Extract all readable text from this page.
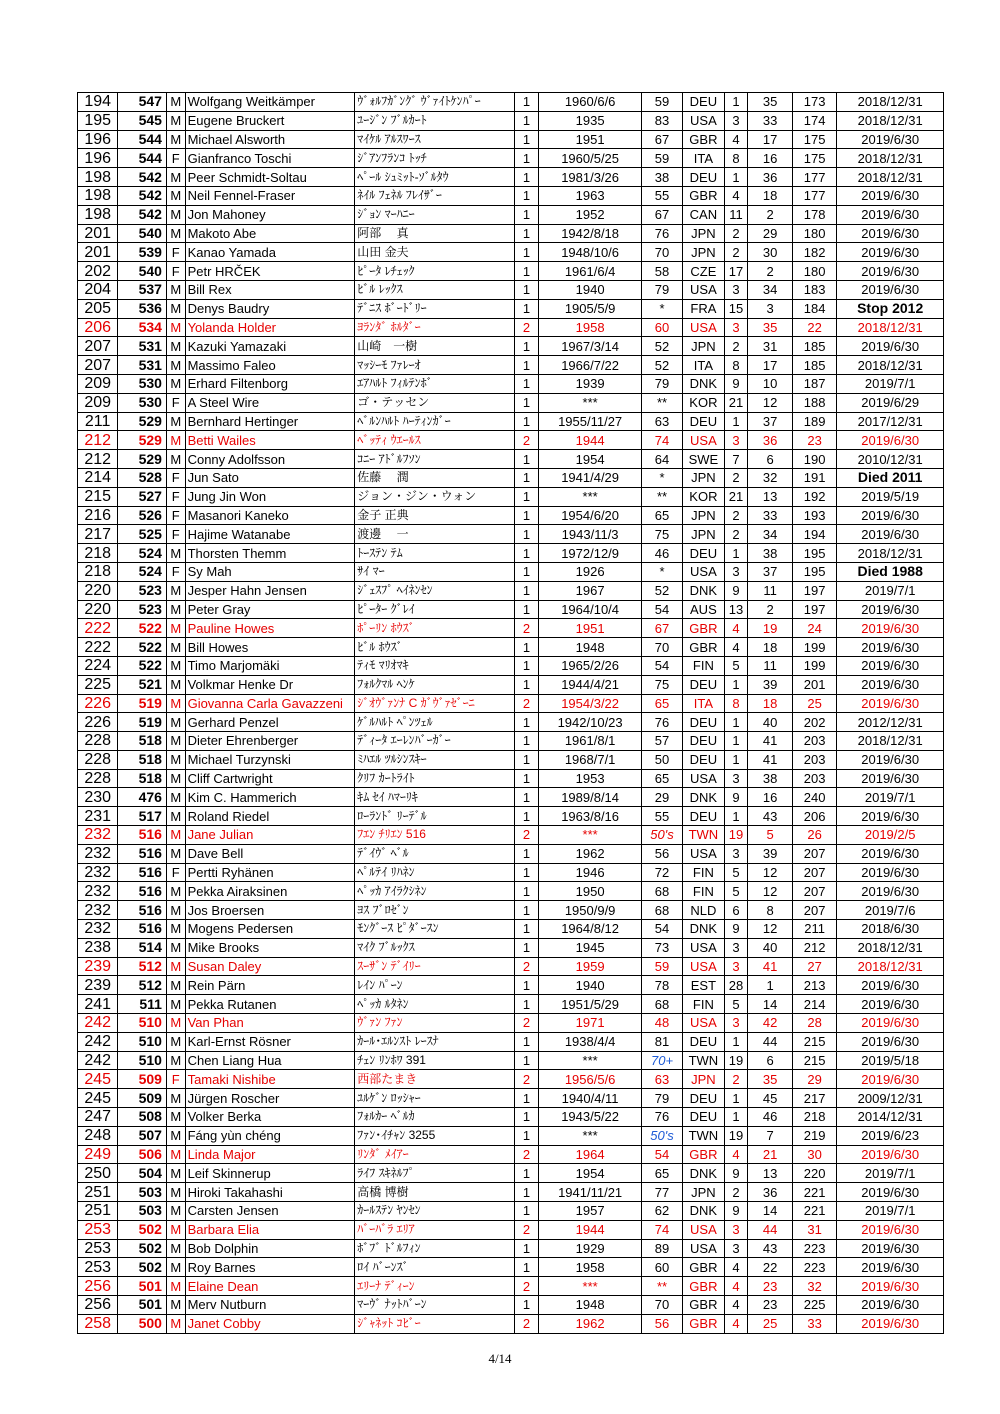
194	547	M	Wolfgang Weitkämper	ｳﾞｫﾙﾌｶﾞﾝｸﾞ ｳﾞｧｲﾄｹﾝﾊﾟｰ	1	1960/6/6	59	DEU	1	35	173	2018/12/31
195	545	M	Eugene Bruckert	ﾕｰｼﾞﾝ ﾌﾞﾙｶｰﾄ	1	1935	83	USA	3	33	174	2018/12/31
196	544	M	Michael Alsworth	ﾏｲｹﾙ ｱﾙｽﾜｰｽ	1	1951	67	GBR	4	17	175	2019/6/30
196	544	F	Gianfranco Toschi	ｼﾞｱﾝﾌﾗﾝｺ ﾄｯﾁ	1	1960/5/25	59	ITA	8	16	175	2018/12/31
198	542	M	Peer Schmidt-Soltau	ﾍﾟｰﾙ ｼｭﾐｯﾄ-ｿﾞﾙﾀｳ	1	1981/3/26	38	DEU	1	36	177	2018/12/31
198	542	M	Neil Fennel-Fraser	ﾈｲﾙ ﾌｪﾈﾙ ﾌﾚｲｻﾞｰ	1	1963	55	GBR	4	18	177	2019/6/30
198	542	M	Jon Mahoney	ｼﾞｮﾝ ﾏｰﾊﾆｰ	1	1952	67	CAN	11	2	178	2019/6/30
201	540	M	Makoto Abe	阿部　 真	1	1942/8/18	76	JPN	2	29	180	2019/6/30
201	539	F	Kanao Yamada	山田 金夫	1	1948/10/6	70	JPN	2	30	182	2019/6/30
202	540	F	Petr HRČEK	ﾋﾟｰﾀ ﾚﾁｪｯｸ	1	1961/6/4	58	CZE	17	2	180	2019/6/30
204	537	M	Bill Rex	ﾋﾞﾙ ﾚｯｸｽ	1	1940	79	USA	3	34	183	2019/6/30
205	536	M	Denys Baudry	ﾃﾞﾆｽ ﾎﾞｰﾄﾞﾘｰ	1	1905/5/9	*	FRA	15	3	184	Stop 2012
206	534	M	Yolanda Holder	ﾖﾗﾝﾀﾞ ﾎﾙﾀﾞｰ	2	1958	60	USA	3	35	22	2018/12/31
207	531	M	Kazuki Yamazaki	山崎　一樹	1	1967/3/14	52	JPN	2	31	185	2019/6/30
207	531	M	Massimo Faleo	ﾏｯｼｰﾓ ﾌｧﾚｰｵ	1	1966/7/22	52	ITA	8	17	185	2018/12/31
209	530	M	Erhard Filtenborg	ｴｱﾊﾙﾄ ﾌｨﾙﾃﾝﾎﾞ	1	1939	79	DNK	9	10	187	2019/7/1
209	530	F	A Steel Wire	ゴ・テッセン	1	***	**	KOR	21	12	188	2019/6/29
211	529	M	Bernhard Hertinger	ﾍﾞﾙﾝﾊﾙﾄ ﾊｰﾃｨﾝｶﾞｰ	1	1955/11/27	63	DEU	1	37	189	2017/12/31
212	529	M	Betti Wailes	ﾍﾞｯﾃｨ ｳｴｰﾙｽ	2	1944	74	USA	3	36	23	2019/6/30
212	529	M	Conny Adolfsson	ｺﾆｰ ｱﾄﾞﾙﾌｿﾝ	1	1954	64	SWE	7	6	190	2010/12/31
214	528	F	Jun Sato	佐藤　 潤	1	1941/4/29	*	JPN	2	32	191	Died 2011
215	527	F	Jung Jin Won	ジョン・ジン・ウォン	1	***	**	KOR	21	13	192	2019/5/19
216	526	F	Masanori Kaneko	金子 正典	1	1954/6/20	65	JPN	2	33	193	2019/6/30
217	525	F	Hajime Watanabe	渡邊　 一	1	1943/11/3	75	JPN	2	34	194	2019/6/30
218	524	M	Thorsten Themm	ﾄｰｽﾃﾝ ﾃﾑ	1	1972/12/9	46	DEU	1	38	195	2018/12/31
218	524	F	Sy Mah	ｻｲ ﾏｰ	1	1926	*	USA	3	37	195	Died 1988
220	523	M	Jesper Hahn Jensen	ｼﾞｪｽﾌﾟ ﾍｲﾈﾝｾﾝ	1	1967	52	DNK	9	11	197	2019/7/1
220	523	M	Peter Gray	ﾋﾟｰﾀｰ ｸﾞﾚｲ	1	1964/10/4	54	AUS	13	2	197	2019/6/30
222	522	M	Pauline Howes	ﾎﾟｰﾘﾝ ﾎｳｽﾞ	2	1951	67	GBR	4	19	24	2019/6/30
222	522	M	Bill Howes	ﾋﾞﾙ ﾎｳｽﾞ	1	1948	70	GBR	4	18	199	2019/6/30
224	522	M	Timo Marjomäki	ﾃｨﾓ ﾏﾘｵﾏｷ	1	1965/2/26	54	FIN	5	11	199	2019/6/30
225	521	M	Volkmar Henke Dr	ﾌｫﾙｸﾏﾙ ﾍﾝｹ	1	1944/4/21	75	DEU	1	39	201	2019/6/30
226	519	M	Giovanna Carla Gavazzeni	ｼﾞｵｳﾞｧﾝﾅ C ｶﾞｳﾞｧｾﾞｰﾆ	2	1954/3/22	65	ITA	8	18	25	2019/6/30
226	519	M	Gerhard Penzel	ｹﾞﾙﾊﾙﾄ ﾍﾟﾝﾂｪﾙ	1	1942/10/23	76	DEU	1	40	202	2012/12/31
228	518	M	Dieter Ehrenberger	ﾃﾞｨｰﾀ ｴｰﾚﾝﾊﾞｰｶﾞｰ	1	1961/8/1	57	DEU	1	41	203	2018/12/31
228	518	M	Michael Turzynski	ﾐﾊｴﾙ ﾂﾙｼﾝｽｷｰ	1	1968/7/1	50	DEU	1	41	203	2019/6/30
228	518	M	Cliff Cartwright	ｸﾘﾌ ｶｰﾄﾗｲﾄ	1	1953	65	USA	3	38	203	2019/6/30
230	476	M	Kim C. Hammerich	ｷﾑ ｾｲ ﾊﾏｰﾘｷ	1	1989/8/14	29	DNK	9	16	240	2019/7/1
231	517	M	Roland Riedel	ﾛｰﾗﾝﾄﾞ ﾘｰﾃﾞﾙ	1	1963/8/16	55	DEU	1	43	206	2019/6/30
232	516	M	Jane Julian	ﾌｴﾝ ﾁﾘｴﾝ 516	2	***	50's	TWN	19	5	26	2019/2/5
232	516	M	Dave Bell	ﾃﾞｲｳﾞ ﾍﾞﾙ	1	1962	56	USA	3	39	207	2019/6/30
232	516	F	Pertti Ryhänen	ﾍﾟﾙﾃｲ ﾘﾊﾈﾝ	1	1946	72	FIN	5	12	207	2019/6/30
232	516	M	Pekka Airaksinen	ﾍﾟｯｶ ｱｲﾗｸｼﾈﾝ	1	1950	68	FIN	5	12	207	2019/6/30
232	516	M	Jos Broersen	ﾖｽ ﾌﾞﾛｾﾞﾝ	1	1950/9/9	68	NLD	6	8	207	2019/7/6
232	516	M	Mogens Pedersen	ﾓﾝｸﾞｰｽ ﾋﾟﾀﾞｰｽﾝ	1	1964/8/12	54	DNK	9	12	211	2018/6/30
238	514	M	Mike Brooks	ﾏｲｸ ﾌﾞﾙｯｸｽ	1	1945	73	USA	3	40	212	2018/12/31
239	512	M	Susan Daley	ｽｰｻﾞﾝ ﾃﾞｲﾘｰ	2	1959	59	USA	3	41	27	2018/12/31
239	512	M	Rein Pärn	ﾚｲﾝ ﾊﾟｰﾝ	1	1940	78	EST	28	1	213	2019/6/30
241	511	M	Pekka Rutanen	ﾍﾟｯｶ ﾙﾀﾈﾝ	1	1951/5/29	68	FIN	5	14	214	2019/6/30
242	510	M	Van Phan	ｳﾞｧﾝ ﾌｧﾝ	2	1971	48	USA	3	42	28	2019/6/30
242	510	M	Karl-Ernst Rösner	ｶｰﾙ･ｴﾙﾝｽﾄ ﾚｰｽﾅ	1	1938/4/4	81	DEU	1	44	215	2019/6/30
242	510	M	Chen Liang Hua	ﾁｪﾝ ﾘﾝﾎﾜ 391	1	***	70+	TWN	19	6	215	2019/5/18
245	509	F	Tamaki Nishibe	西部たまき	2	1956/5/6	63	JPN	2	35	29	2019/6/30
245	509	M	Jürgen Roscher	ﾕﾙｹﾞﾝ ﾛｯｼｬｰ	1	1940/4/11	79	DEU	1	45	217	2009/12/31
247	508	M	Volker Berka	ﾌｫﾙｶｰ ﾍﾞﾙｶ	1	1943/5/22	76	DEU	1	46	218	2014/12/31
248	507	M	Fáng yùn chéng	ﾌｧﾝ･ｲﾁｬﾝ 3255	1	***	50's	TWN	19	7	219	2019/6/23
249	506	M	Linda Major	ﾘﾝﾀﾞ ﾒｲｱｰ	2	1964	54	GBR	4	21	30	2019/6/30
250	504	M	Leif Skinnerup	ﾗｲﾌ ｽｷﾈﾙﾌﾟ	1	1954	65	DNK	9	13	220	2019/7/1
251	503	M	Hiroki Takahashi	高橋 博樹	1	1941/11/21	77	JPN	2	36	221	2019/6/30
251	503	M	Carsten Jensen	ｶｰﾙｽﾃﾝ ﾔﾝｾﾝ	1	1957	62	DNK	9	14	221	2019/7/1
253	502	M	Barbara Elia	ﾊﾞｰﾊﾞﾗ ｴﾘｱ	2	1944	74	USA	3	44	31	2019/6/30
253	502	M	Bob Dolphin	ﾎﾞﾌﾞ ﾄﾞﾙﾌｨﾝ	1	1929	89	USA	3	43	223	2019/6/30
253	502	M	Roy Barnes	ﾛｲ ﾊﾞｰﾝｽﾞ	1	1958	60	GBR	4	22	223	2019/6/30
256	501	M	Elaine Dean	ｴﾘｰﾅ ﾃﾞｨｰﾝ	2	***	**	GBR	4	23	32	2019/6/30
256	501	M	Merv Nutburn	ﾏｰｳﾞ ﾅｯﾄﾊﾞｰﾝ	1	1948	70	GBR	4	23	225	2019/6/30
258	500	M	Janet Cobby	ｼﾞｬﾈｯﾄ ｺﾋﾞｰ	2	1962	56	GBR	4	25	33	2019/6/30
4/14
